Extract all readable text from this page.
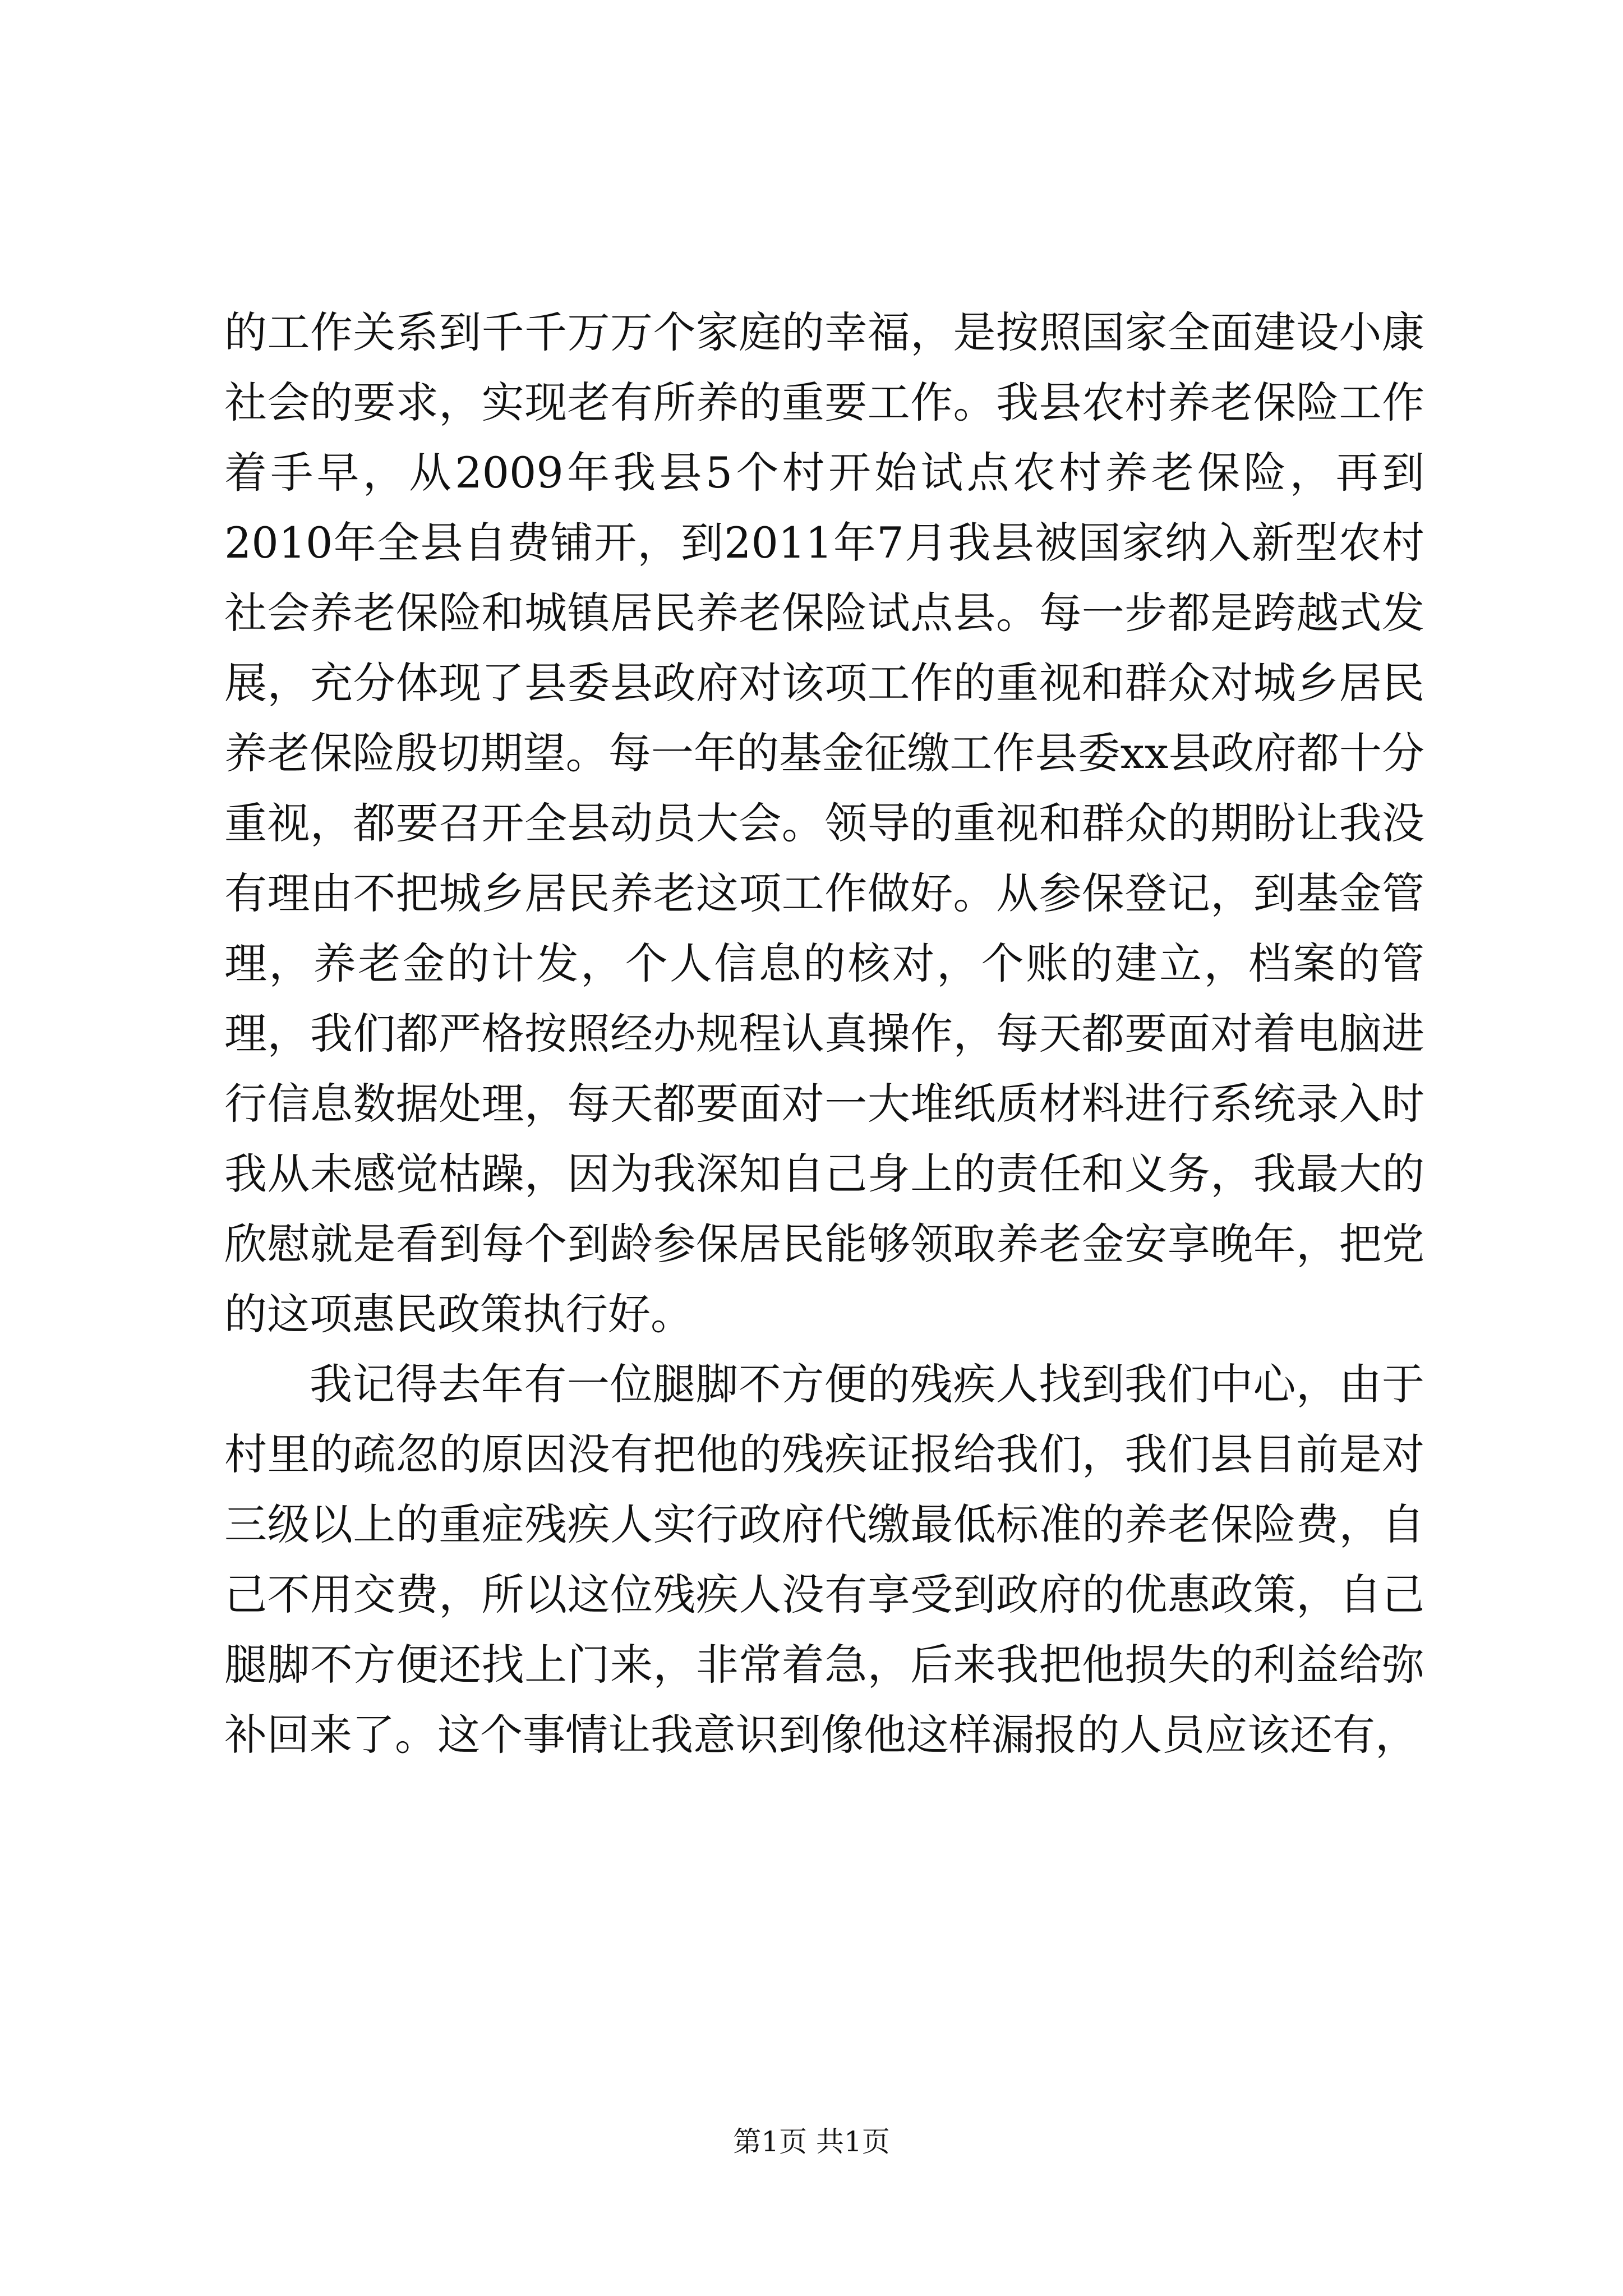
的工作关系到千千万万个家庭的幸福，是按照国家全面建设小康社会的要求，实现老有所养的重要工作。我县农村养老保险工作着手早，从2009年我县5个村开始试点农村养老保险，再到2010年全县自费铺开，到2011年7月我县被国家纳入新型农村社会养老保险和城镇居民养老保险试点县。每一步都是跨越式发展，充分体现了县委县政府对该项工作的重视和群众对城乡居民养老保险殷切期望。每一年的基金征缴工作县委xx县政府都十分重视，都要召开全县动员大会。领导的重视和群众的期盼让我没有理由不把城乡居民养老这项工作做好。从参保登记，到基金管理，养老金的计发，个人信息的核对，个账的建立，档案的管理，我们都严格按照经办规程认真操作，每天都要面对着电脑进行信息数据处理，每天都要面对一大堆纸质材料进行系统录入时我从未感觉枯躁，因为我深知自己身上的责任和义务，我最大的欣慰就是看到每个到龄参保居民能够领取养老金安享晚年，把党的这项惠民政策执行好。

我记得去年有一位腿脚不方便的残疾人找到我们中心，由于村里的疏忽的原因没有把他的残疾证报给我们，我们县目前是对三级以上的重症残疾人实行政府代缴最低标准的养老保险费，自己不用交费，所以这位残疾人没有享受到政府的优惠政策，自己腿脚不方便还找上门来，非常着急，后来我把他损失的利益给弥补回来了。这个事情让我意识到像他这样漏报的人员应该还有，

第1页 共1页
